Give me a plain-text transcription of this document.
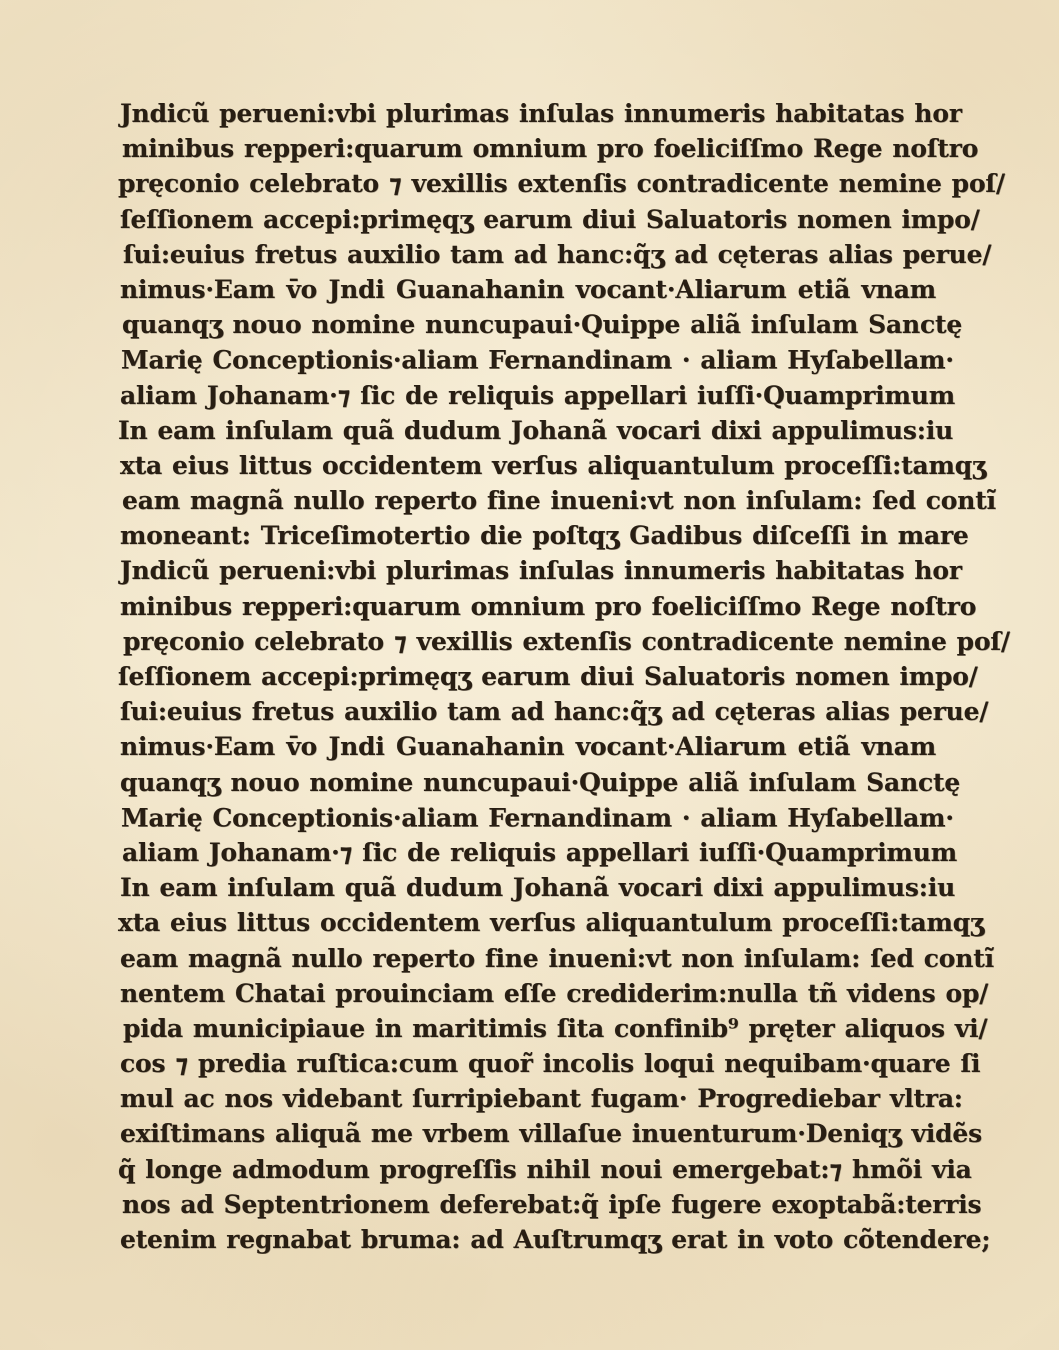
Jndicũ perueni:vbi plurimas inſulas innumeris habitatas hor
minibus repperi:quarum omnium pro foeliciſſmo Rege noſtro
pręconio celebrato ⁊ vexillis extenſis contradicente nemine poſ/
ſeſſionem accepi:primęqʒ earum diui Saluatoris nomen impo/
ſui:euius fretus auxilio tam ad hanc:q̃ʒ ad cęteras alias perue/
nimus·Eam v̄o Jndi Guanahanin vocant·Aliarum etiã vnam
quanqʒ nouo nomine nuncupaui·Quippe aliã inſulam Sanctę
Marię Conceptionis·aliam Fernandinam · aliam Hyſabellam·
aliam Johanam·⁊ ſic de reliquis appellari iuſſi·Quamprimum
In eam inſulam quã dudum Johanã vocari dixi appulimus:iu
xta eius littus occidentem verſus aliquantulum proceſſi:tamqʒ
eam magnã nullo reperto fine inueni:vt non inſulam: ſed contĩ
moneant: Triceſimotertio die poſtqʒ Gadibus diſceſſi in mare
Jndicũ perueni:vbi plurimas inſulas innumeris habitatas hor
minibus repperi:quarum omnium pro foeliciſſmo Rege noſtro
pręconio celebrato ⁊ vexillis extenſis contradicente nemine poſ/
ſeſſionem accepi:primęqʒ earum diui Saluatoris nomen impo/
ſui:euius fretus auxilio tam ad hanc:q̃ʒ ad cęteras alias perue/
nimus·Eam v̄o Jndi Guanahanin vocant·Aliarum etiã vnam
quanqʒ nouo nomine nuncupaui·Quippe aliã inſulam Sanctę
Marię Conceptionis·aliam Fernandinam · aliam Hyſabellam·
aliam Johanam·⁊ ſic de reliquis appellari iuſſi·Quamprimum
In eam inſulam quã dudum Johanã vocari dixi appulimus:iu
xta eius littus occidentem verſus aliquantulum proceſſi:tamqʒ
eam magnã nullo reperto fine inueni:vt non inſulam: ſed contĩ
nentem Chatai prouinciam eſſe crediderim:nulla tñ videns op/
pida municipiaue in maritimis ſita confinib⁹ pręter aliquos vi/
cos ⁊ predia ruſtica:cum quor̃ incolis loqui nequibam·quare ſi
mul ac nos videbant ſurripiebant fugam· Progrediebar vltra:
exiſtimans aliquã me vrbem villaſue inuenturum·Deniqʒ vidẽs
q̃ longe admodum progreſſis nihil noui emergebat:⁊ hmõi via
nos ad Septentrionem deferebat:q̃ ipſe fugere exoptabã:terris
etenim regnabat bruma: ad Auſtrumqʒ erat in voto cõtendere;
